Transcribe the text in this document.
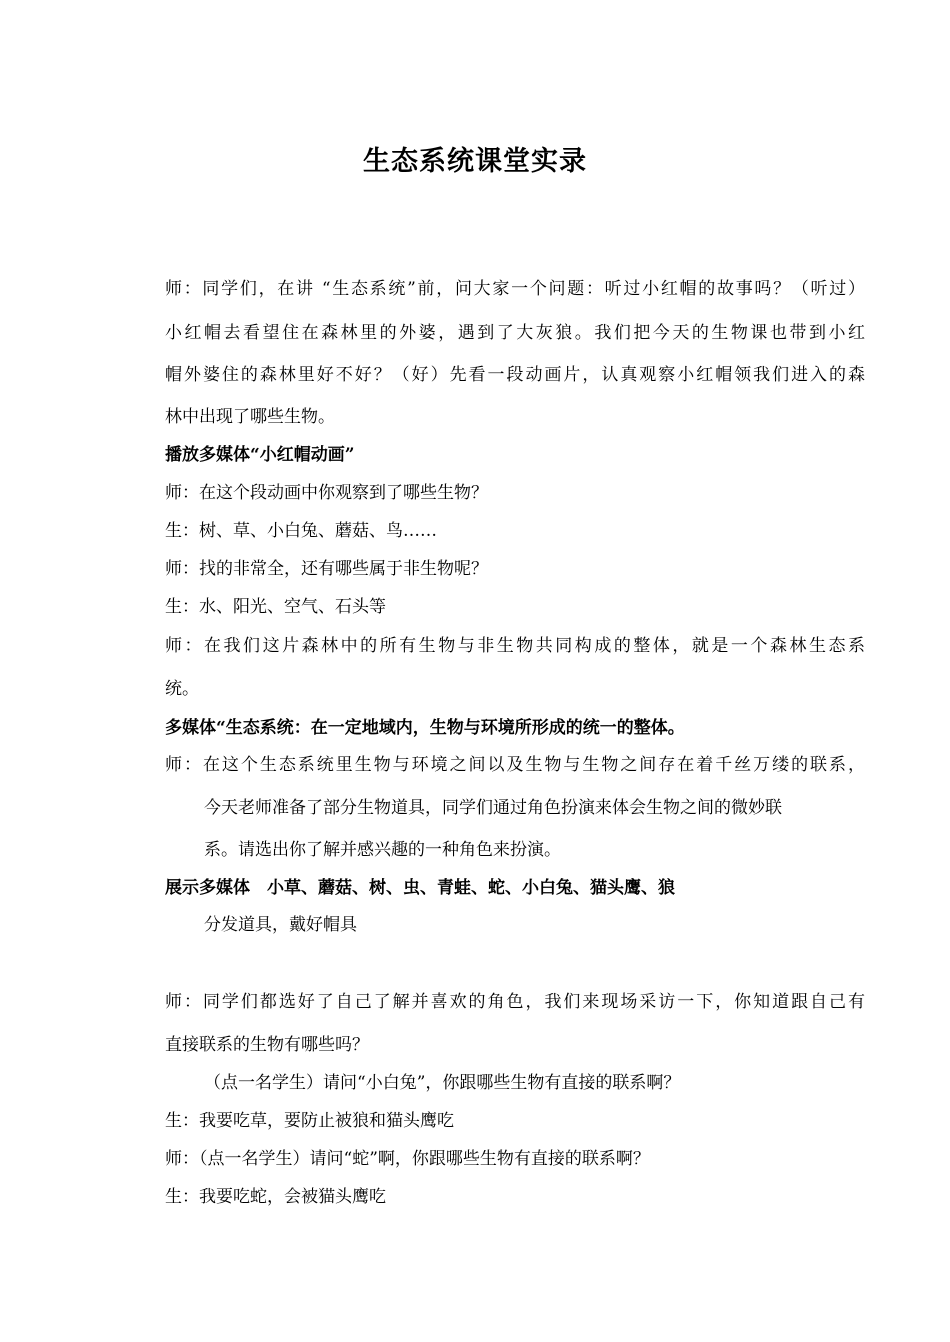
生态系统课堂实录
师：同学们，在讲 “生态系统”前，问大家一个问题：听过小红帽的故事吗？（听过）
小红帽去看望住在森林里的外婆，遇到了大灰狼。我们把今天的生物课也带到小红
帽外婆住的森林里好不好？（好）先看一段动画片，认真观察小红帽领我们进入的森
林中出现了哪些生物。
播放多媒体“小红帽动画”
师：在这个段动画中你观察到了哪些生物？
生：树、草、小白兔、蘑菇、鸟……
师：找的非常全，还有哪些属于非生物呢？
生：水、阳光、空气、石头等
师：在我们这片森林中的所有生物与非生物共同构成的整体，就是一个森林生态系
统。
多媒体“生态系统：在一定地域内，生物与环境所形成的统一的整体。
师：在这个生态系统里生物与环境之间以及生物与生物之间存在着千丝万缕的联系，
今天老师准备了部分生物道具，同学们通过角色扮演来体会生物之间的微妙联
系。请选出你了解并感兴趣的一种角色来扮演。
展示多媒体　小草、蘑菇、树、虫、青蛙、蛇、小白兔、猫头鹰、狼
分发道具，戴好帽具
师：同学们都选好了自己了解并喜欢的角色，我们来现场采访一下，你知道跟自己有
直接联系的生物有哪些吗？
（点一名学生）请问“小白兔”，你跟哪些生物有直接的联系啊？
生：我要吃草，要防止被狼和猫头鹰吃
师：（点一名学生）请问“蛇”啊，你跟哪些生物有直接的联系啊？
生：我要吃蛇，会被猫头鹰吃
